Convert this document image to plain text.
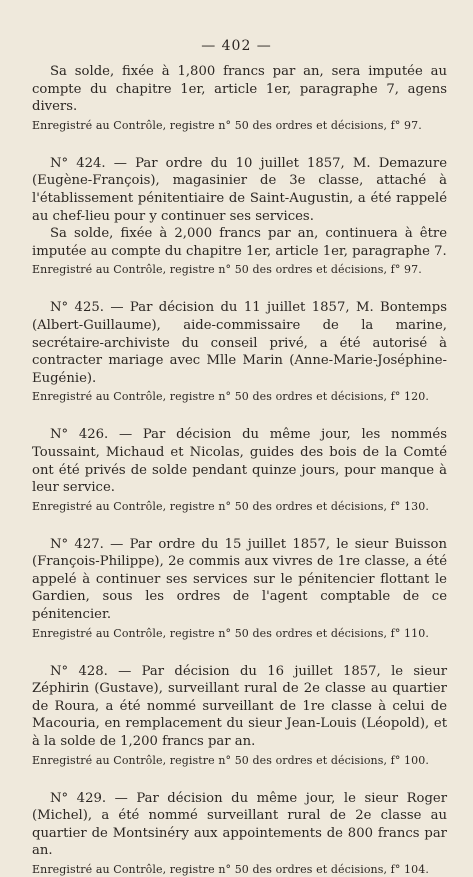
— 402 —

Sa solde, fixée à 1,800 francs par an, sera imputée au compte du chapitre 1er, article 1er, paragraphe 7, agens divers.

Enregistré au Contrôle, registre n° 50 des ordres et décisions, f° 97.

N° 424. — Par ordre du 10 juillet 1857, M. Demazure (Eugène-François), magasinier de 3e classe, attaché à l'établissement pénitentiaire de Saint-Augustin, a été rappelé au chef-lieu pour y continuer ses services.

Sa solde, fixée à 2,000 francs par an, continuera à être imputée au compte du chapitre 1er, article 1er, paragraphe 7.

Enregistré au Contrôle, registre n° 50 des ordres et décisions, f° 97.

N° 425. — Par décision du 11 juillet 1857, M. Bontemps (Albert-Guillaume), aide-commissaire de la marine, secrétaire-archiviste du conseil privé, a été autorisé à contracter mariage avec Mlle Marin (Anne-Marie-Joséphine-Eugénie).

Enregistré au Contrôle, registre n° 50 des ordres et décisions, f° 120.

N° 426. — Par décision du même jour, les nommés Toussaint, Michaud et Nicolas, guides des bois de la Comté ont été privés de solde pendant quinze jours, pour manque à leur service.

Enregistré au Contrôle, registre n° 50 des ordres et décisions, f° 130.

N° 427. — Par ordre du 15 juillet 1857, le sieur Buisson (François-Philippe), 2e commis aux vivres de 1re classe, a été appelé à continuer ses services sur le pénitencier flottant le Gardien, sous les ordres de l'agent comptable de ce pénitencier.

Enregistré au Contrôle, registre n° 50 des ordres et décisions, f° 110.

N° 428. — Par décision du 16 juillet 1857, le sieur Zéphirin (Gustave), surveillant rural de 2e classe au quartier de Roura, a été nommé surveillant de 1re classe à celui de Macouria, en remplacement du sieur Jean-Louis (Léopold), et à la solde de 1,200 francs par an.

Enregistré au Contrôle, registre n° 50 des ordres et décisions, f° 100.

N° 429. — Par décision du même jour, le sieur Roger (Michel), a été nommé surveillant rural de 2e classe au quartier de Montsinéry aux appointements de 800 francs par an.

Enregistré au Contrôle, registre n° 50 des ordres et décisions, f° 104.
